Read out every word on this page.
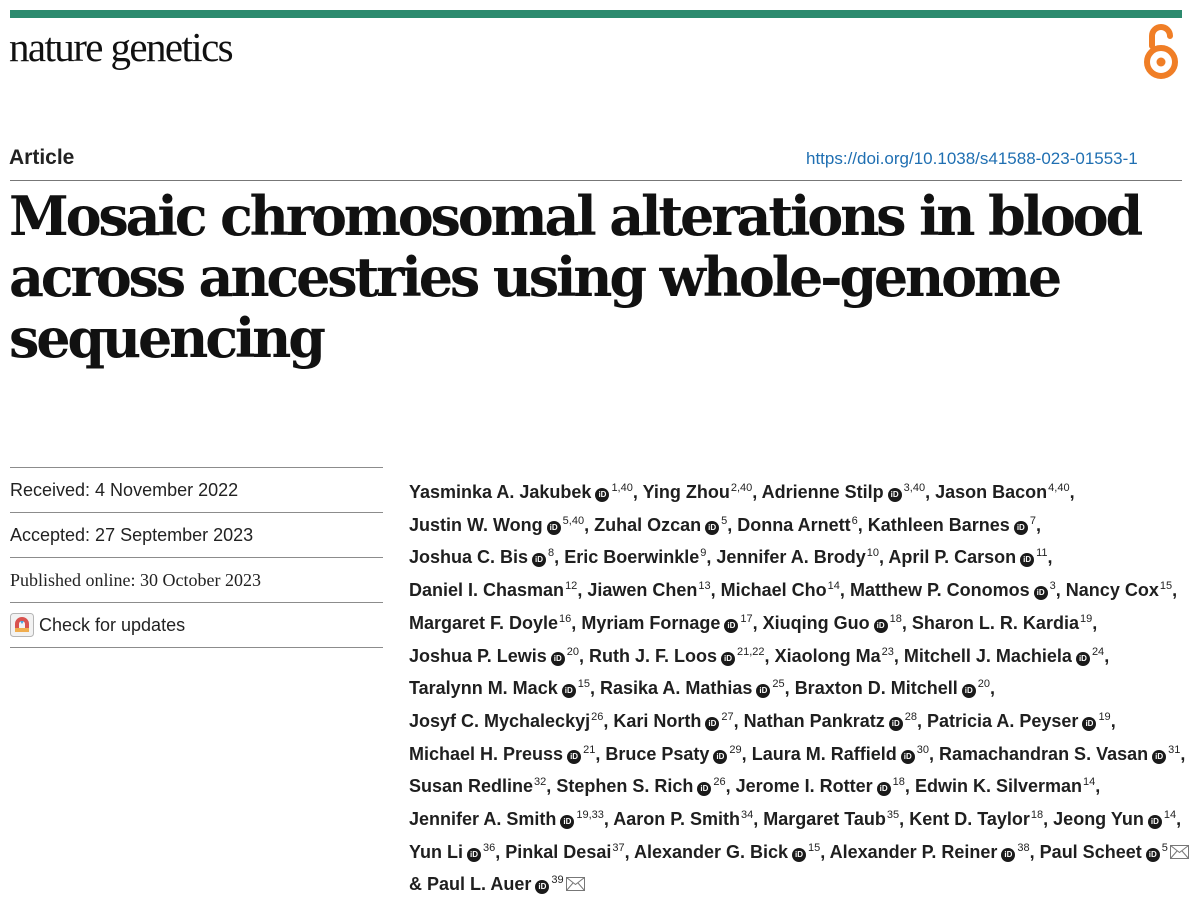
nature genetics
Article	https://doi.org/10.1038/s41588-023-01553-1
Mosaic chromosomal alterations in blood across ancestries using whole-genome sequencing
Received: 4 November 2022
Accepted: 27 September 2023
Published online: 30 October 2023
Check for updates
Yasminka A. Jakubek iD$^{1,40}$, Ying Zhou$^{2,40}$, Adrienne Stilp iD$^{3,40}$, Jason Bacon$^{4,40}$, Justin W. Wong iD$^{5,40}$, Zuhal Ozcan $iD^5$, Donna Arnett$^6$, Kathleen Barnes $iD^7$, Joshua C. Bis $iD^8$, Eric Boerwinkle$^9$, Jennifer A. Brody$^{10}$, April P. Carson $iD^{11}$, Daniel I. Chasman$^{12}$, Jiawen Chen$^{13}$, Michael Cho$^{14}$, Matthew P. Conomos $iD^3$, Nancy Cox$^{15}$, Margaret F. Doyle$^{16}$, Myriam Fornage $iD^{17}$, Xiuqing Guo $iD^{18}$, Sharon L. R. Kardia$^{19}$, Joshua P. Lewis $iD^{20}$, Ruth J. F. Loos iD$^{21,22}$, Xiaolong Ma$^{23}$, Mitchell J. Machiela $iD^{24}$, Taralynn M. Mack $iD^{15}$, Rasika A. Mathias $iD^{25}$, Braxton D. Mitchell $iD^{20}$, Josyf C. Mychaleckyj$^{26}$, Kari North $iD^{27}$, Nathan Pankratz $iD^{28}$, Patricia A. Peyser $iD^{19}$, Michael H. Preuss $iD^{21}$, Bruce Psaty $iD^{29}$, Laura M. Raffield $iD^{30}$, Ramachandran S. Vasan $iD^{31}$, Susan Redline$^{32}$, Stephen S. Rich $iD^{26}$, Jerome I. Rotter $iD^{18}$, Edwin K. Silverman$^{14}$, Jennifer A. Smith iD$^{19,33}$, Aaron P. Smith$^{34}$, Margaret Taub$^{35}$, Kent D. Taylor$^{18}$, Jeong Yun $iD^{14}$, Yun Li $iD^{36}$, Pinkal Desai$^{37}$, Alexander G. Bick $iD^{15}$, Alexander P. Reiner $iD^{38}$, Paul Scheet $iD^5$ & Paul L. Auer $iD^{39}$
